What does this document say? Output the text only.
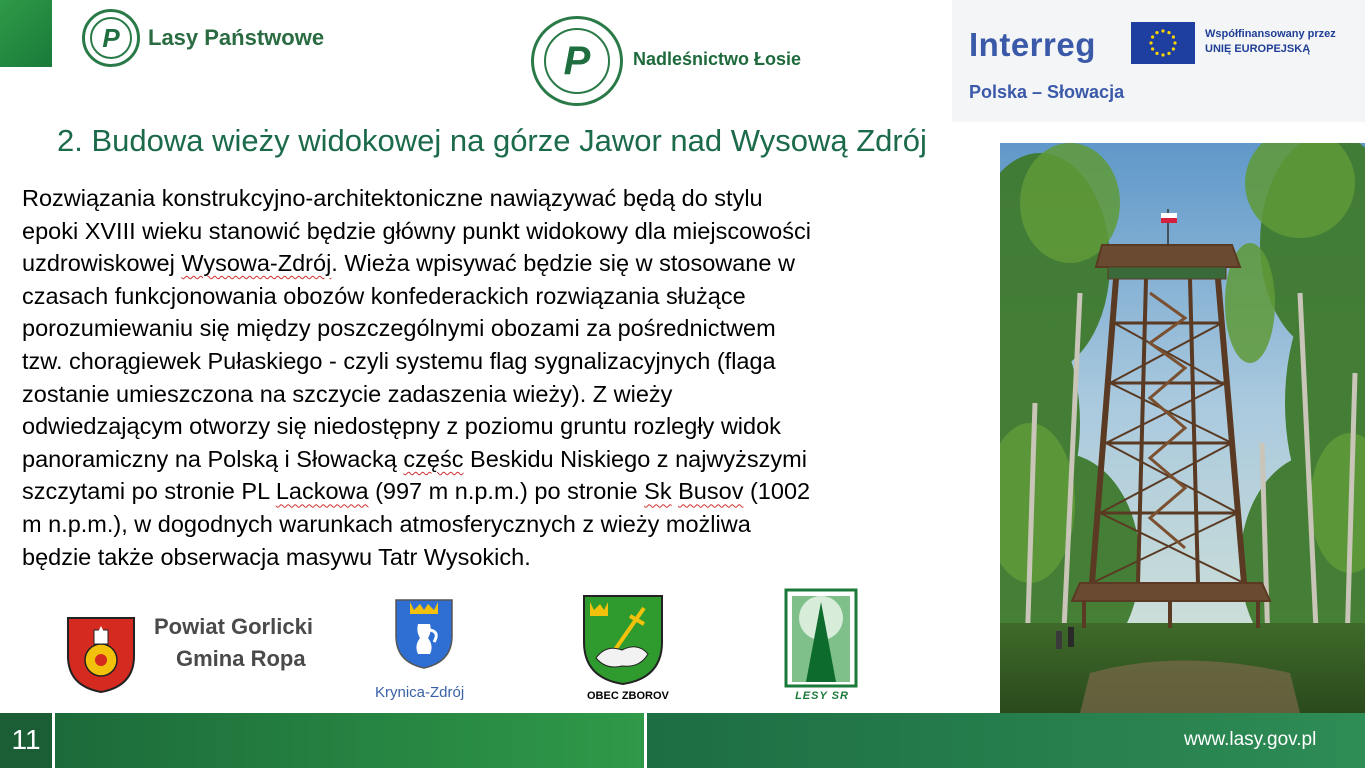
P Lasy Państwowe
P Nadleśnictwo Łosie	Interreg	Współfinansowany przez
UNIĘ EUROPEJSKĄ
Polska – Słowacja
2. Budowa wieży widokowej na górze Jawor nad Wysową Zdrój
Rozwiązania konstrukcyjno-architektoniczne nawiązywać będą do stylu
epoki XVIII wieku stanowić będzie główny punkt widokowy dla miejscowości
uzdrowiskowej Wysowa-Zdrój. Wieża wpisywać będzie się w stosowane w
czasach funkcjonowania obozów konfederackich rozwiązania służące
porozumiewaniu się między poszczególnymi obozami za pośrednictwem
tzw. chorągiewek Pułaskiego - czyli systemu flag sygnalizacyjnych (flaga
zostanie umieszczona na szczycie zadaszenia wieży). Z wieży
odwiedzającym otworzy się niedostępny z poziomu gruntu rozległy widok
panoramiczny na Polską i Słowacką częśc Beskidu Niskiego z najwyższymi
szczytami po stronie PL Lackowa (997 m n.p.m.) po stronie Sk Busov (1002
m n.p.m.), w dogodnych warunkach atmosferycznych z wieży możliwa
będzie także obserwacja masywu Tatr Wysokich.
Powiat Gorlicki
Gmina Ropa
Krynica-Zdrój	OBEC ZBOROV	LESY SR
11	www.lasy.gov.pl
